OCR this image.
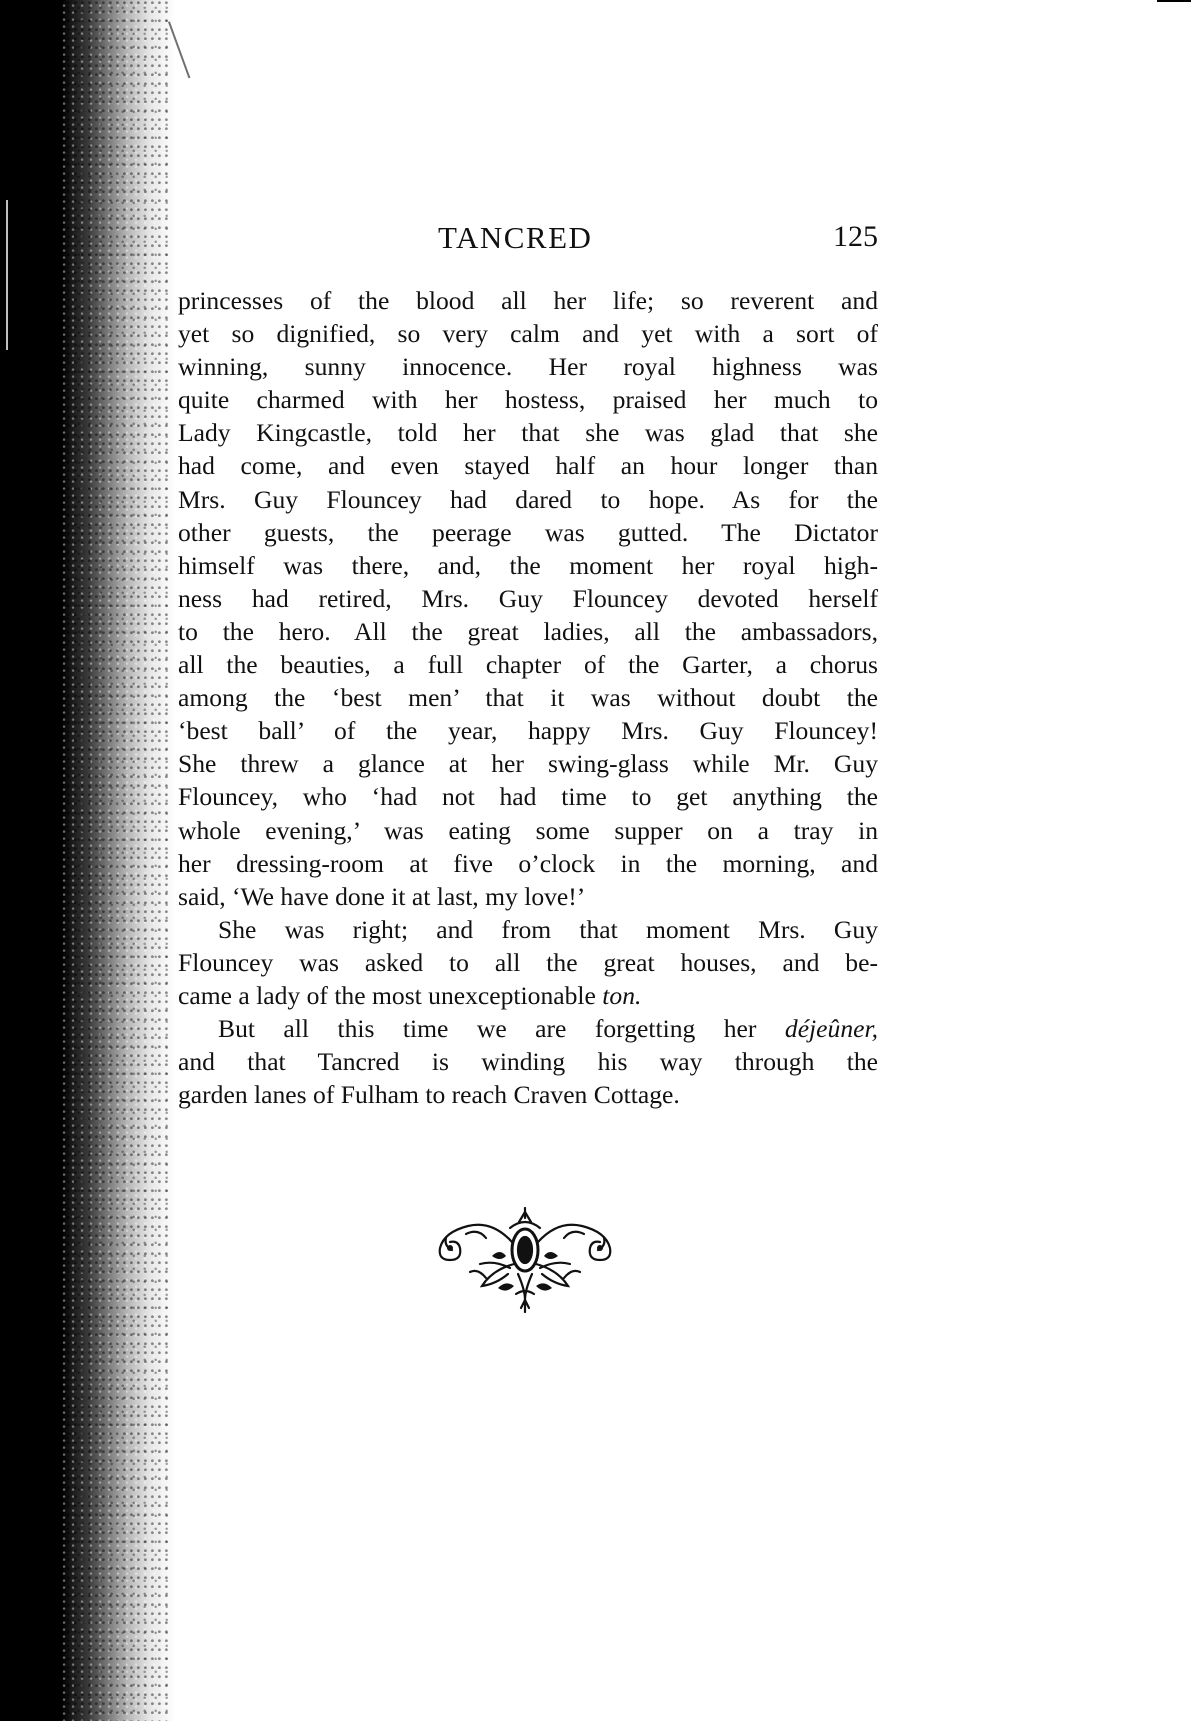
TANCRED	125
princesses of the blood all her life; so reverent and
yet so dignified, so very calm and yet with a sort of
winning, sunny innocence. Her royal highness was
quite charmed with her hostess, praised her much to
Lady Kingcastle, told her that she was glad that she
had come, and even stayed half an hour longer than
Mrs. Guy Flouncey had dared to hope. As for the
other guests, the peerage was gutted. The Dictator
himself was there, and, the moment her royal high-
ness had retired, Mrs. Guy Flouncey devoted herself
to the hero. All the great ladies, all the ambassadors,
all the beauties, a full chapter of the Garter, a chorus
among the ‘best men’ that it was without doubt the
‘best ball’ of the year, happy Mrs. Guy Flouncey!
She threw a glance at her swing-glass while Mr. Guy
Flouncey, who ‘had not had time to get anything the
whole evening,’ was eating some supper on a tray in
her dressing-room at five o’clock in the morning, and
said, ‘We have done it at last, my love!’
She was right; and from that moment Mrs. Guy
Flouncey was asked to all the great houses, and be-
came a lady of the most unexceptionable ton.
But all this time we are forgetting her déjeûner,
and that Tancred is winding his way through the
garden lanes of Fulham to reach Craven Cottage.
